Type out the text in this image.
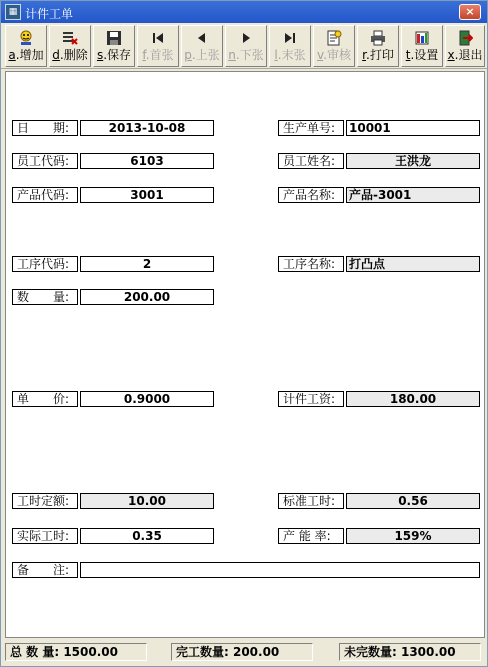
▦ 计件工单	×
a.增加 d.删除 s.保存 f.首张 p.上张 n.下张 l.末张 v.审核 r.打印 t.设置 x.退出
日　　期:	2013-10-08	生产单号:	10001
员工代码:	6103	员工姓名:	王洪龙
产品代码:	3001	产品名称:	产品-3001
工序代码:	2	工序名称:	打凸点
数　　量:	200.00
单　　价:	0.9000	计件工资:	180.00
工时定额:	10.00	标准工时:	0.56
实际工时:	0.35	产 能 率:	159%
备　　注:
总 数 量: 1500.00	完工数量: 200.00	未完数量: 1300.00
